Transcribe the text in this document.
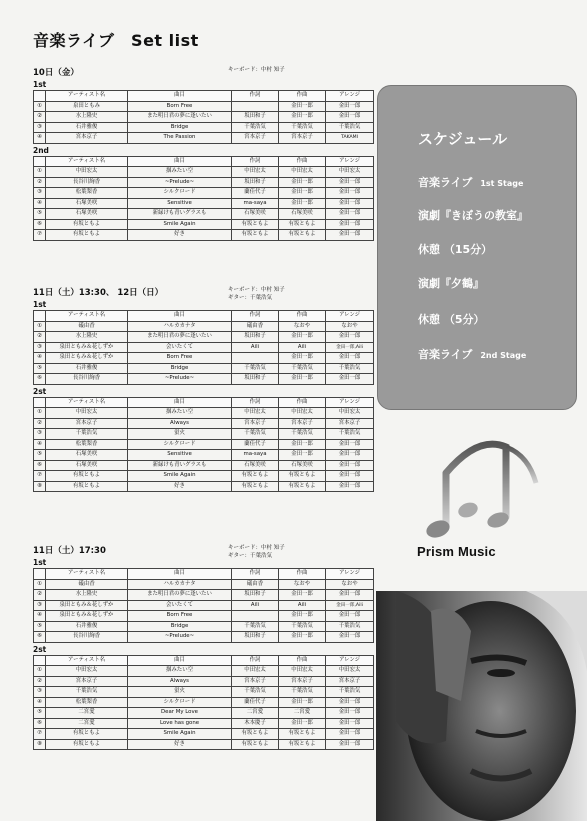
音楽ライブ　Set list
10日（金）	キーボード：中村 知子
1st
	アーティスト名	曲目	作詞	作曲	アレンジ
①	泉田ともみ	Born Free		金田一郎	金田一郎
②	水上隆史	また明日君の夢に逢いたい	坂田和子	金田一郎	金田一郎
③	石井雅俊	Bridge	千葉浩気	千葉浩気	千葉浩気
④	宮本京子	The Passion	宮本京子	宮本京子	TAKAMI
2nd
	アーティスト名	曲目	作詞	作曲	アレンジ
①	中田宏太	掴みたい空	中田宏太	中田宏太	中田宏太
②	長谷川絢香	~Prelude~	坂田和子	金田一郎	金田一郎
③	松葉梨香	シルクロード	蘭佳代子	金田一郎	金田一郎
④	石塚美咲	Sensitive	ma-saya	金田一郎	金田一郎
⑤	石塚美咲	新緑けも青いグラスも	石塚美咲	石塚美咲	金田一郎
⑥	有坂ともよ	Smile Again	有坂ともよ	有坂ともよ	金田一郎
⑦	有坂ともよ	好き	有坂ともよ	有坂ともよ	金田一郎
11日（土）13:30、 12日（日）	キーボード：中村 知子
ギター：千葉浩気
1st
	アーティスト名	曲目	作詞	作曲	アレンジ
①	礒由香	ハルカカナタ	礒由香	なおや	なおや
②	水上隆史	また明日君の夢に逢いたい	坂田和子	金田一郎	金田一郎
③	泉田ともみ＆花しずか	会いたくて	Aili	Aili	金田一郎,Aili
④	泉田ともみ＆花しずか	Born Free		金田一郎	金田一郎
⑤	石井雅俊	Bridge	千葉浩気	千葉浩気	千葉浩気
⑥	長谷川絢香	~Prelude~	坂田和子	金田一郎	金田一郎
2st
	アーティスト名	曲目	作詞	作曲	アレンジ
①	中田宏太	掴みたい空	中田宏太	中田宏太	中田宏太
②	宮本京子	Always	宮本京子	宮本京子	宮本京子
③	千葉浩気	蛍火	千葉浩気	千葉浩気	千葉浩気
④	松葉梨香	シルクロード	蘭佳代子	金田一郎	金田一郎
⑤	石塚美咲	Sensitive	ma-saya	金田一郎	金田一郎
⑥	石塚美咲	新緑けも青いグラスも	石塚美咲	石塚美咲	金田一郎
⑦	有坂ともよ	Smile Again	有坂ともよ	有坂ともよ	金田一郎
⑧	有坂ともよ	好き	有坂ともよ	有坂ともよ	金田一郎
11日（土）17:30	キーボード：中村 知子
ギター：千葉浩気
1st
	アーティスト名	曲目	作詞	作曲	アレンジ
①	礒由香	ハルカカナタ	礒由香	なおや	なおや
②	水上隆史	また明日君の夢に逢いたい	坂田和子	金田一郎	金田一郎
③	泉田ともみ＆花しずか	会いたくて	Aili	Aili	金田一郎,Aili
④	泉田ともみ＆花しずか	Born Free		金田一郎	金田一郎
⑤	石井雅俊	Bridge	千葉浩気	千葉浩気	千葉浩気
⑥	長谷川絢香	~Prelude~	坂田和子	金田一郎	金田一郎
2st
	アーティスト名	曲目	作詞	作曲	アレンジ
①	中田宏太	掴みたい空	中田宏太	中田宏太	中田宏太
②	宮本京子	Always	宮本京子	宮本京子	宮本京子
③	千葉浩気	蛍火	千葉浩気	千葉浩気	千葉浩気
④	松葉梨香	シルクロード	蘭佳代子	金田一郎	金田一郎
⑤	二宮愛	Dear My Love	二宮愛	二宮愛	金田一郎
⑥	二宮愛	Love has gone	木本慶子	金田一郎	金田一郎
⑦	有坂ともよ	Smile Again	有坂ともよ	有坂ともよ	金田一郎
⑧	有坂ともよ	好き	有坂ともよ	有坂ともよ	金田一郎
スケジュール
音楽ライブ 1st Stage
演劇『きぼうの教室』
休憩 （15分）
演劇『夕鶴』
休憩 （5分）
音楽ライブ 2nd Stage
Prism Music
